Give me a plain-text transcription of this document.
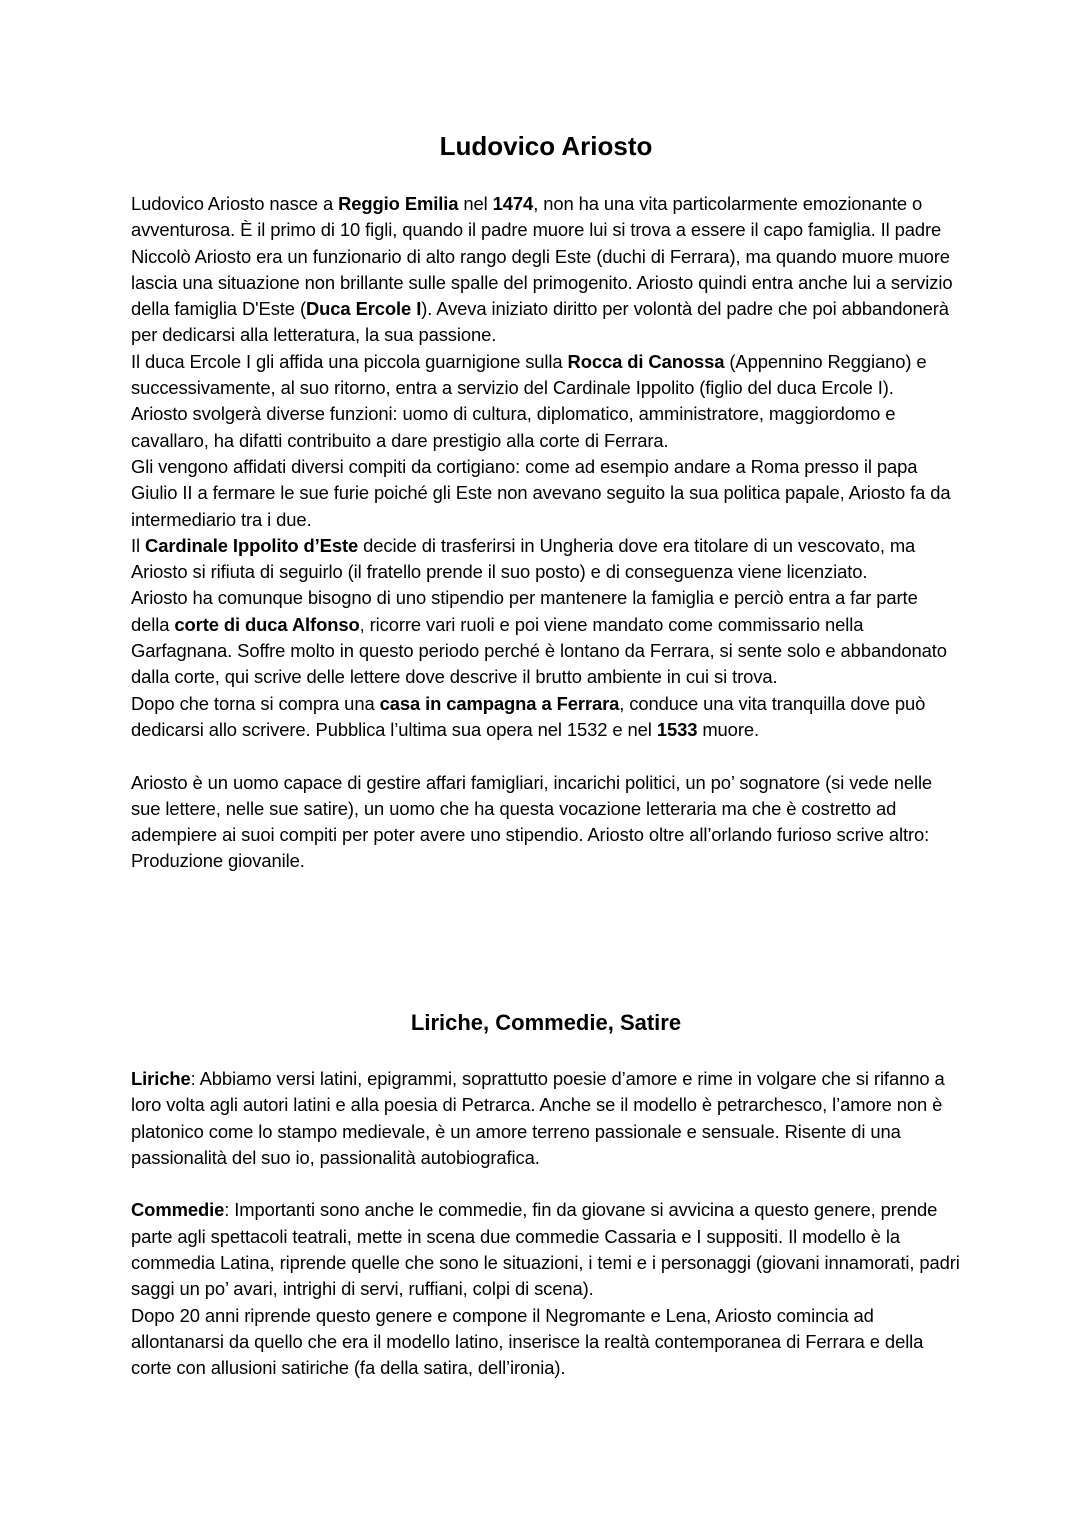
Ludovico Ariosto

Ludovico Ariosto nasce a Reggio Emilia nel 1474, non ha una vita particolarmente emozionante o avventurosa. È il primo di 10 figli, quando il padre muore lui si trova a essere il capo famiglia. Il padre Niccolò Ariosto era un funzionario di alto rango degli Este (duchi di Ferrara), ma quando muore muore lascia una situazione non brillante sulle spalle del primogenito. Ariosto quindi entra anche lui a servizio della famiglia D'Este (Duca Ercole I). Aveva iniziato diritto per volontà del padre che poi abbandonerà per dedicarsi alla letteratura, la sua passione.

Il duca Ercole I gli affida una piccola guarnigione sulla Rocca di Canossa (Appennino Reggiano) e successivamente, al suo ritorno, entra a servizio del Cardinale Ippolito (figlio del duca Ercole I).

Ariosto svolgerà diverse funzioni: uomo di cultura, diplomatico, amministratore, maggiordomo e cavallaro, ha difatti contribuito a dare prestigio alla corte di Ferrara.

Gli vengono affidati diversi compiti da cortigiano: come ad esempio andare a Roma presso il papa Giulio II a fermare le sue furie poiché gli Este non avevano seguito la sua politica papale, Ariosto fa da intermediario tra i due.

Il Cardinale Ippolito d’Este decide di trasferirsi in Ungheria dove era titolare di un vescovato, ma Ariosto si rifiuta di seguirlo (il fratello prende il suo posto) e di conseguenza viene licenziato.

Ariosto ha comunque bisogno di uno stipendio per mantenere la famiglia e perciò entra a far parte della corte di duca Alfonso, ricorre vari ruoli e poi viene mandato come commissario nella Garfagnana. Soffre molto in questo periodo perché è lontano da Ferrara, si sente solo e abbandonato dalla corte, qui scrive delle lettere dove descrive il brutto ambiente in cui si trova.

Dopo che torna si compra una casa in campagna a Ferrara, conduce una vita tranquilla dove può dedicarsi allo scrivere. Pubblica l’ultima sua opera nel 1532 e nel 1533 muore.

Ariosto è un uomo capace di gestire affari famigliari, incarichi politici, un po’ sognatore (si vede nelle sue lettere, nelle sue satire), un uomo che ha questa vocazione letteraria ma che è costretto ad adempiere ai suoi compiti per poter avere uno stipendio. Ariosto oltre all’orlando furioso scrive altro: Produzione giovanile.

Liriche, Commedie, Satire

Liriche: Abbiamo versi latini, epigrammi, soprattutto poesie d’amore e rime in volgare che si rifanno a loro volta agli autori latini e alla poesia di Petrarca. Anche se il modello è petrarchesco, l’amore non è platonico come lo stampo medievale, è un amore terreno passionale e sensuale. Risente di una passionalità del suo io, passionalità autobiografica.

Commedie: Importanti sono anche le commedie, fin da giovane si avvicina a questo genere, prende parte agli spettacoli teatrali, mette in scena due commedie Cassaria e I suppositi. Il modello è la commedia Latina, riprende quelle che sono le situazioni, i temi e i personaggi (giovani innamorati, padri saggi un po’ avari, intrighi di servi, ruffiani, colpi di scena).

Dopo 20 anni riprende questo genere e compone il Negromante e Lena, Ariosto comincia ad allontanarsi da quello che era il modello latino, inserisce la realtà contemporanea di Ferrara e della corte con allusioni satiriche (fa della satira, dell’ironia).
